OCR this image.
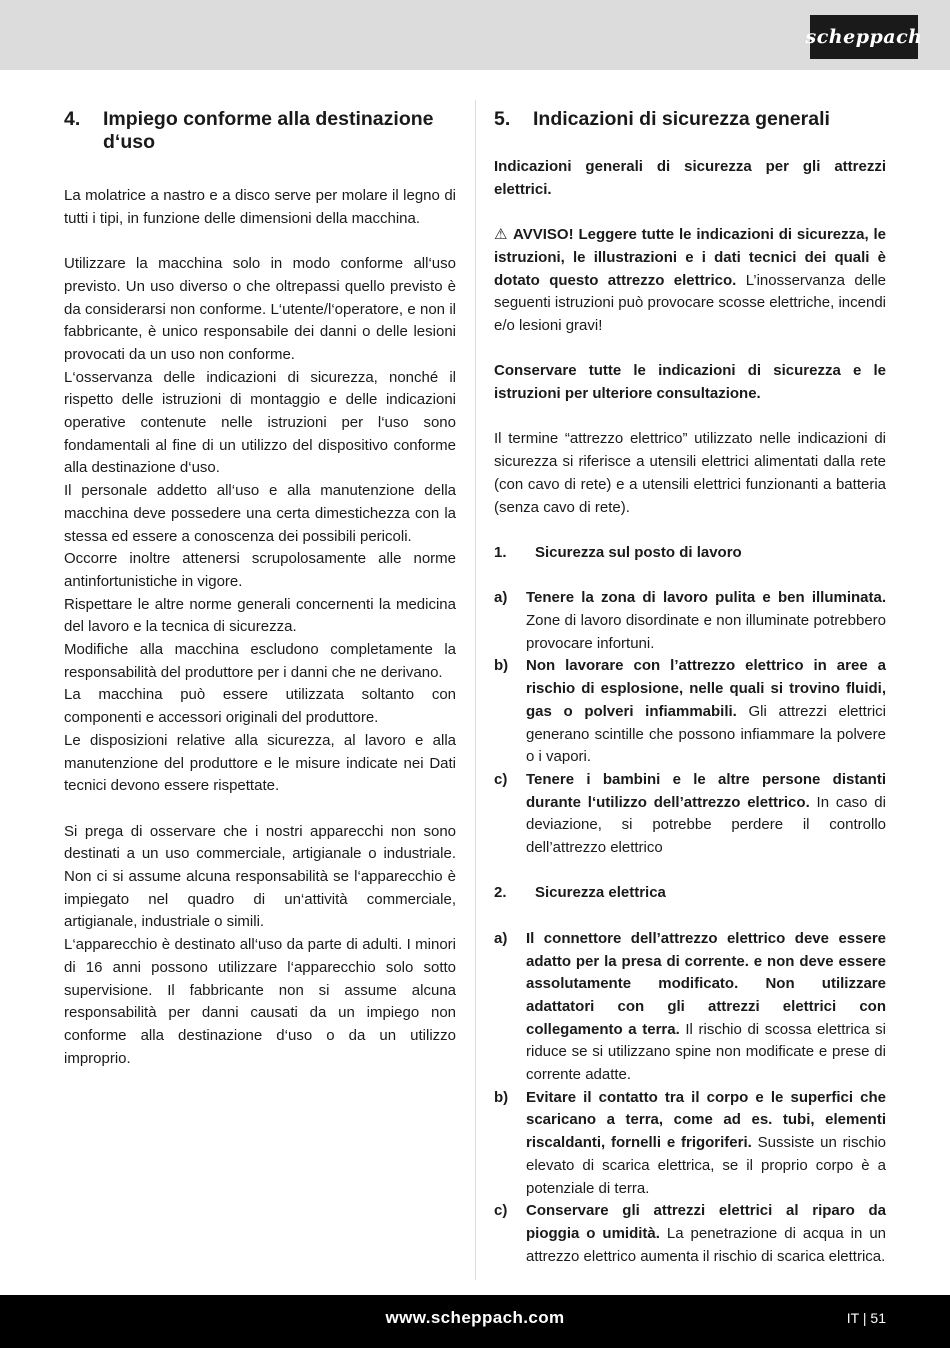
scheppach
4.	Impiego conforme alla destinazione d‘uso

La molatrice a nastro e a disco serve per molare il legno di tutti i tipi, in funzione delle dimensioni della macchina.

Utilizzare la macchina solo in modo conforme all‘uso previsto. Un uso diverso o che oltrepassi quello previsto è da considerarsi non conforme. L‘utente/l‘operatore, e non il fabbricante, è unico responsabile dei danni o delle lesioni provocati da un uso non conforme.

L‘osservanza delle indicazioni di sicurezza, nonché il rispetto delle istruzioni di montaggio e delle indicazioni operative contenute nelle istruzioni per l‘uso sono fondamentali al fine di un utilizzo del dispositivo conforme alla destinazione d‘uso.

Il personale addetto all‘uso e alla manutenzione della macchina deve possedere una certa dimestichezza con la stessa ed essere a conoscenza dei possibili pericoli.

Occorre inoltre attenersi scrupolosamente alle norme antinfortunistiche in vigore.

Rispettare le altre norme generali concernenti la medicina del lavoro e la tecnica di sicurezza.

Modifiche alla macchina escludono completamente la responsabilità del produttore per i danni che ne derivano.

La macchina può essere utilizzata soltanto con componenti e accessori originali del produttore.

Le disposizioni relative alla sicurezza, al lavoro e alla manutenzione del produttore e le misure indicate nei Dati tecnici devono essere rispettate.

Si prega di osservare che i nostri apparecchi non sono destinati a un uso commerciale, artigianale o industriale. Non ci si assume alcuna responsabilità se l‘apparecchio è impiegato nel quadro di un‘attività commerciale, artigianale, industriale o simili.

L‘apparecchio è destinato all‘uso da parte di adulti. I minori di 16 anni possono utilizzare l‘apparecchio solo sotto supervisione. Il fabbricante non si assume alcuna responsabilità per danni causati da un impiego non conforme alla destinazione d‘uso o da un utilizzo improprio.

5.	Indicazioni di sicurezza generali

Indicazioni generali di sicurezza per gli attrezzi elettrici.

⚠ AVVISO! Leggere tutte le indicazioni di sicurezza, le istruzioni, le illustrazioni e i dati tecnici dei quali è dotato questo attrezzo elettrico. L’inosservanza delle seguenti istruzioni può provocare scosse elettriche, incendi e/o lesioni gravi!

Conservare tutte le indicazioni di sicurezza e le istruzioni per ulteriore consultazione.

Il termine “attrezzo elettrico” utilizzato nelle indicazioni di sicurezza si riferisce a utensili elettrici alimentati dalla rete (con cavo di rete) e a utensili elettrici funzionanti a batteria (senza cavo di rete).

1.	Sicurezza sul posto di lavoro
a)	Tenere la zona di lavoro pulita e ben illuminata. Zone di lavoro disordinate e non illuminate potrebbero provocare infortuni.
b)	Non lavorare con l’attrezzo elettrico in aree a rischio di esplosione, nelle quali si trovino fluidi, gas o polveri infiammabili. Gli attrezzi elettrici generano scintille che possono infiammare la polvere o i vapori.
c)	Tenere i bambini e le altre persone distanti durante l‘utilizzo dell’attrezzo elettrico. In caso di deviazione, si potrebbe perdere il controllo dell’attrezzo elettrico
2.	Sicurezza elettrica
a)	Il connettore dell’attrezzo elettrico deve essere adatto per la presa di corrente. e non deve essere assolutamente modificato. Non utilizzare adattatori con gli attrezzi elettrici con collegamento a terra. Il rischio di scossa elettrica si riduce se si utilizzano spine non modificate e prese di corrente adatte.
b)	Evitare il contatto tra il corpo e le superfici che scaricano a terra, come ad es. tubi, elementi riscaldanti, fornelli e frigoriferi. Sussiste un rischio elevato di scarica elettrica, se il proprio corpo è a potenziale di terra.
c)	Conservare gli attrezzi elettrici al riparo da pioggia o umidità. La penetrazione di acqua in un attrezzo elettrico aumenta il rischio di scarica elettrica.
www.scheppach.com	IT | 51
